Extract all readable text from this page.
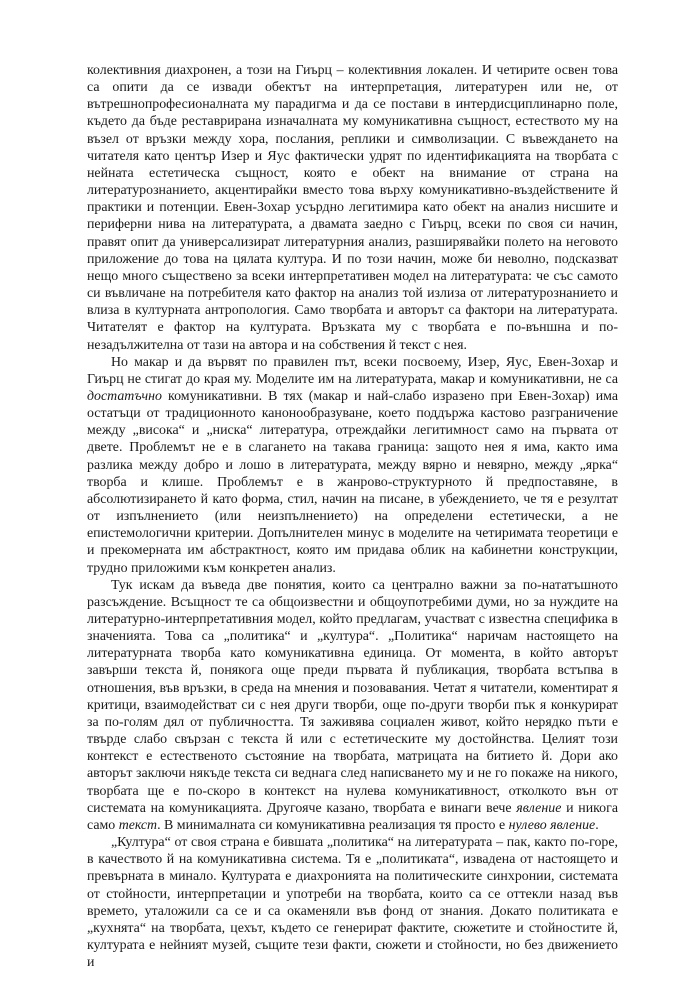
колективния диахронен, а този на Гиърц – колективния локален. И четирите освен това са опити да се извади обектът на интерпретация, литературен или не, от вътрешнопрофесионалната му парадигма и да се постави в интердисциплинарно поле, където да бъде реставрирана изначалната му комуникативна същност, естеството му на възел от връзки между хора, послания, реплики и символизации. С въвеждането на читателя като център Изер и Яус фактически удрят по идентификацията на творбата с нейната естетическа същност, която е обект на внимание от страна на литературознанието, акцентирайки вместо това върху комуникативно-въздействените й практики и потенции. Евен-Зохар усърдно легитимира като обект на анализ нисшите и периферни нива на литературата, а двамата заедно с Гиърц, всеки по своя си начин, правят опит да универсализират литературния анализ, разширявайки полето на неговото приложение до това на цялата култура. И по този начин, може би неволно, подсказват нещо много съществено за всеки интерпретативен модел на литературата: че със самото си въвличане на потребителя като фактор на анализ той излиза от литературознанието и влиза в културната антропология. Само творбата и авторът са фактори на литературата. Читателят е фактор на културата. Връзката му с творбата е по-външна и по-незадължителна от тази на автора и на собствения й текст с нея.

Но макар и да вървят по правилен път, всеки посвоему, Изер, Яус, Евен-Зохар и Гиърц не стигат до края му. Моделите им на литературата, макар и комуникативни, не са достатъчно комуникативни. В тях (макар и най-слабо изразено при Евен-Зохар) има остатъци от традиционното канонообразуване, което поддържа кастово разграничение между „висока“ и „ниска“ литература, отреждайки легитимност само на първата от двете. Проблемът не е в слагането на такава граница: защото нея я има, както има разлика между добро и лошо в литературата, между вярно и невярно, между „ярка“ творба и клише. Проблемът е в жанрово-структурното й предпоставяне, в абсолютизирането й като форма, стил, начин на писане, в убеждението, че тя е резултат от изпълнението (или неизпълнението) на определени естетически, а не епистемологични критерии. Допълнителен минус в моделите на четиримата теоретици е и прекомерната им абстрактност, която им придава облик на кабинетни конструкции, трудно приложими към конкретен анализ.

Тук искам да въведа две понятия, които са централно важни за по-нататъшното разсъждение. Всъщност те са общоизвестни и общоупотребими думи, но за нуждите на литературно-интерпретативния модел, който предлагам, участват с известна специфика в значенията. Това са „политика“ и „култура“. „Политика“ наричам настоящето на литературната творба като комуникативна единица. От момента, в който авторът завърши текста й, понякога още преди първата й публикация, творбата встъпва в отношения, във връзки, в среда на мнения и позовавания. Четат я читатели, коментират я критици, взаимодействат си с нея други творби, още по-други творби пък я конкурират за по-голям дял от публичността. Тя заживява социален живот, който нерядко пъти е твърде слабо свързан с текста й или с естетическите му достойнства. Целият този контекст е естественото състояние на творбата, матрицата на битието й. Дори ако авторът заключи някъде текста си веднага след написването му и не го покаже на никого, творбата ще е по-скоро в контекст на нулева комуникативност, отколкото вън от системата на комуникацията. Другояче казано, творбата е винаги вече явление и никога само текст. В минималната си комуникативна реализация тя просто е нулево явление.

„Култура“ от своя страна е бившата „политика“ на литературата – пак, както по-горе, в качеството й на комуникативна система. Тя е „политиката“, извадена от настоящето и превърната в минало. Културата е диахронията на политическите синхронии, системата от стойности, интерпретации и употреби на творбата, които са се оттекли назад във времето, уталожили са се и са окаменяли във фонд от знания. Докато политиката е „кухнята“ на творбата, цехът, където се генерират фактите, сюжетите и стойностите й, културата е нейният музей, същите тези факти, сюжети и стойности, но без движението и
